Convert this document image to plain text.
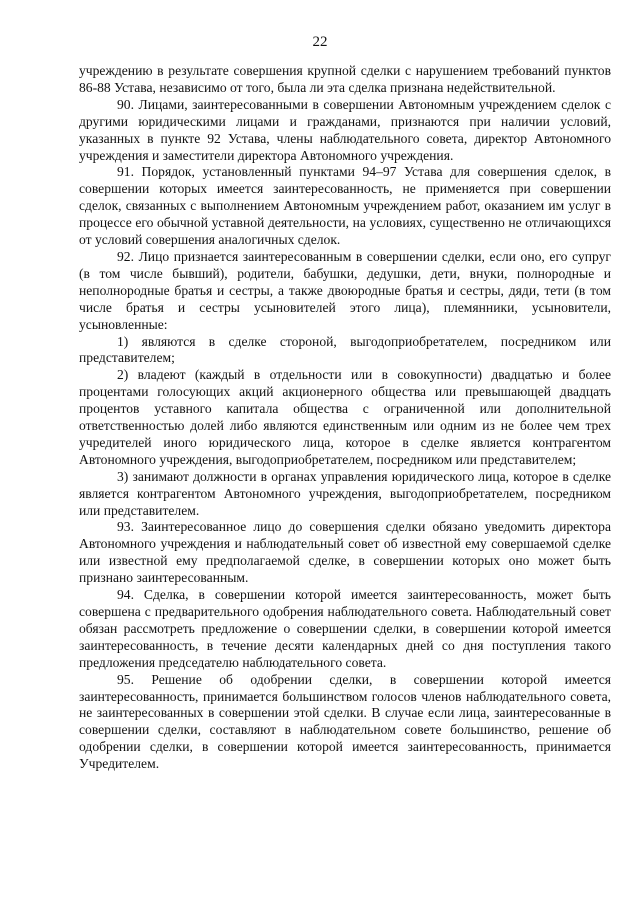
22

учреждению в результате совершения крупной сделки с нарушением требований пунктов 86-88 Устава, независимо от того, была ли эта сделка признана недействительной.

90. Лицами, заинтересованными в совершении Автономным учреждением сделок с другими юридическими лицами и гражданами, признаются при наличии условий, указанных в пункте 92 Устава, члены наблюдательного совета, директор Автономного учреждения и заместители директора Автономного учреждения.

91. Порядок, установленный пунктами 94–97 Устава для совершения сделок, в совершении которых имеется заинтересованность, не применяется при совершении сделок, связанных с выполнением Автономным учреждением работ, оказанием им услуг в процессе его обычной уставной деятельности, на условиях, существенно не отличающихся от условий совершения аналогичных сделок.

92. Лицо признается заинтересованным в совершении сделки, если оно, его супруг (в том числе бывший), родители, бабушки, дедушки, дети, внуки, полнородные и неполнородные братья и сестры, а также двоюродные братья и сестры, дяди, тети (в том числе братья и сестры усыновителей этого лица), племянники, усыновители, усыновленные:

1) являются в сделке стороной, выгодоприобретателем, посредником или представителем;

2) владеют (каждый в отдельности или в совокупности) двадцатью и более процентами голосующих акций акционерного общества или превышающей двадцать процентов уставного капитала общества с ограниченной или дополнительной ответственностью долей либо являются единственным или одним из не более чем трех учредителей иного юридического лица, которое в сделке является контрагентом Автономного учреждения, выгодоприобретателем, посредником или представителем;

3) занимают должности в органах управления юридического лица, которое в сделке является контрагентом Автономного учреждения, выгодоприобретателем, посредником или представителем.

93. Заинтересованное лицо до совершения сделки обязано уведомить директора Автономного учреждения и наблюдательный совет об известной ему совершаемой сделке или известной ему предполагаемой сделке, в совершении которых оно может быть признано заинтересованным.

94. Сделка, в совершении которой имеется заинтересованность, может быть совершена с предварительного одобрения наблюдательного совета. Наблюдательный совет обязан рассмотреть предложение о совершении сделки, в совершении которой имеется заинтересованность, в течение десяти календарных дней со дня поступления такого предложения председателю наблюдательного совета.

95. Решение об одобрении сделки, в совершении которой имеется заинтересованность, принимается большинством голосов членов наблюдательного совета, не заинтересованных в совершении этой сделки. В случае если лица, заинтересованные в совершении сделки, составляют в наблюдательном совете большинство, решение об одобрении сделки, в совершении которой имеется заинтересованность, принимается Учредителем.
